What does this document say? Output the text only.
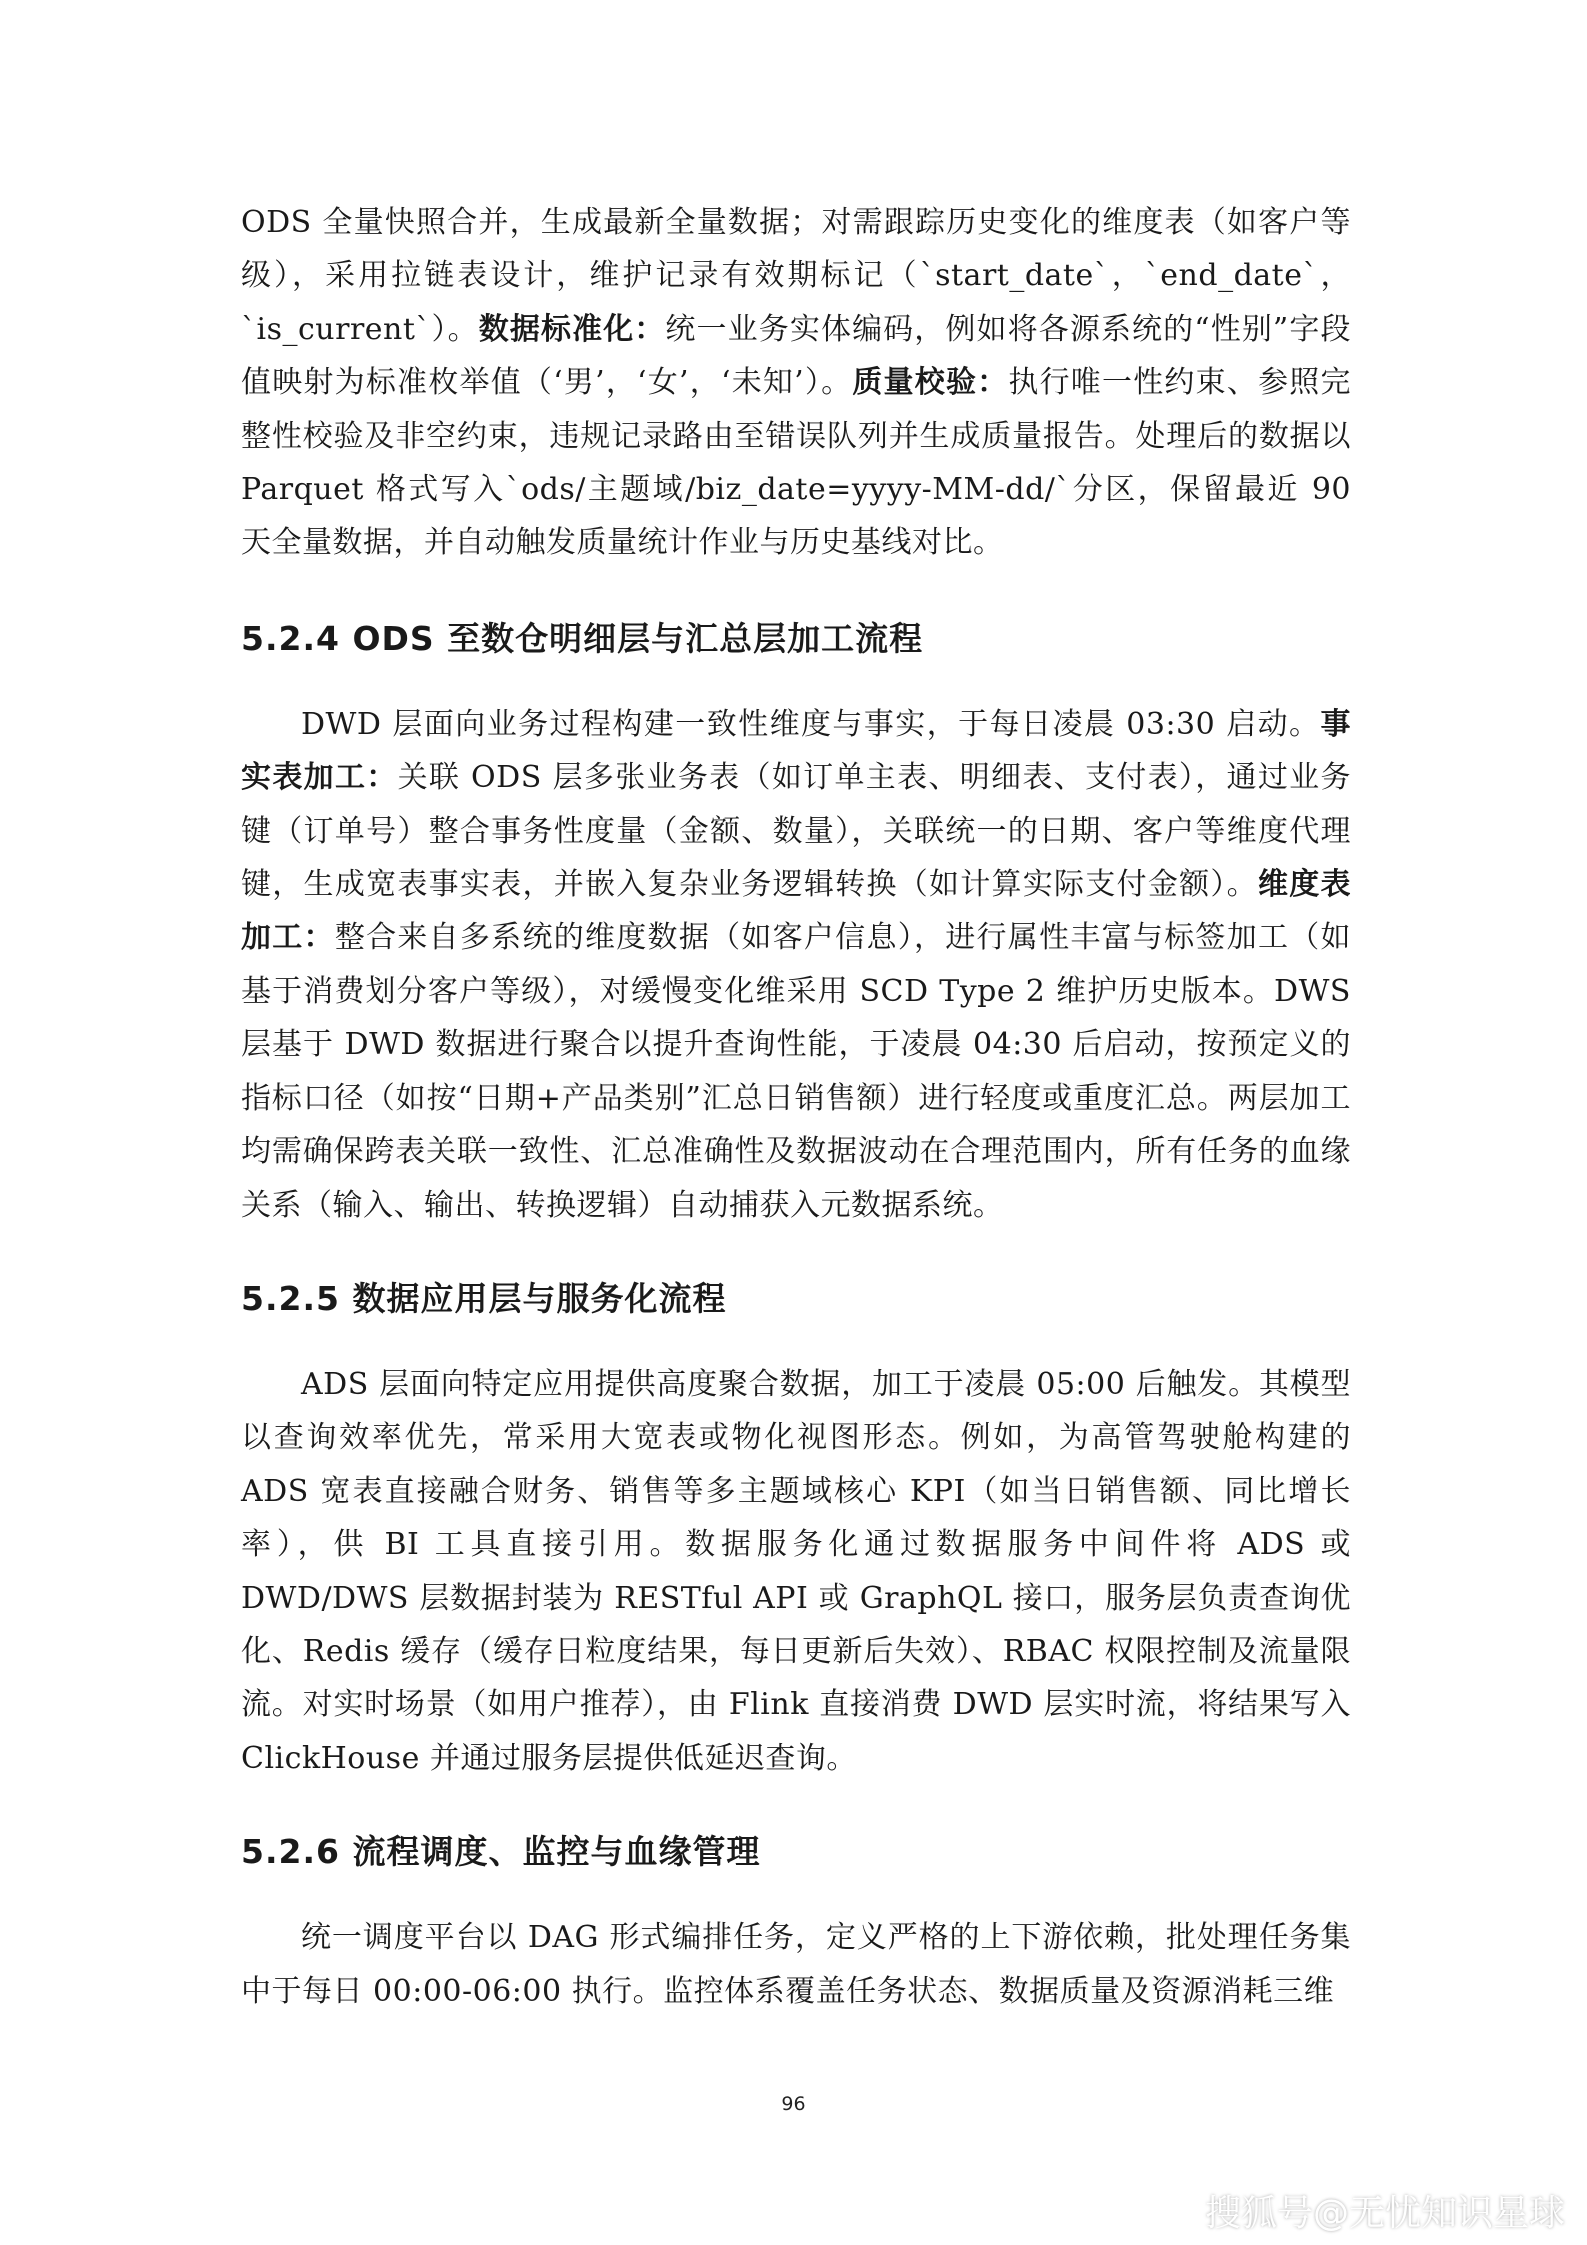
ODS 全量快照合并，生成最新全量数据；对需跟踪历史变化的维度表（如客户等级），采用拉链表设计，维护记录有效期标记（`start_date`，`end_date`，`is_current`）。数据标准化：统一业务实体编码，例如将各源系统的“性别”字段值映射为标准枚举值（‘男’，‘女’，‘未知’）。质量校验：执行唯一性约束、参照完整性校验及非空约束，违规记录路由至错误队列并生成质量报告。处理后的数据以 Parquet 格式写入`ods/主题域/biz_date=yyyy-MM-dd/`分区，保留最近 90 天全量数据，并自动触发质量统计作业与历史基线对比。

5.2.4 ODS 至数仓明细层与汇总层加工流程

DWD 层面向业务过程构建一致性维度与事实，于每日凌晨 03:30 启动。事实表加工：关联 ODS 层多张业务表（如订单主表、明细表、支付表），通过业务键（订单号）整合事务性度量（金额、数量），关联统一的日期、客户等维度代理键，生成宽表事实表，并嵌入复杂业务逻辑转换（如计算实际支付金额）。维度表加工：整合来自多系统的维度数据（如客户信息），进行属性丰富与标签加工（如基于消费划分客户等级），对缓慢变化维采用 SCD Type 2 维护历史版本。DWS 层基于 DWD 数据进行聚合以提升查询性能，于凌晨 04:30 后启动，按预定义的指标口径（如按“日期+产品类别”汇总日销售额）进行轻度或重度汇总。两层加工均需确保跨表关联一致性、汇总准确性及数据波动在合理范围内，所有任务的血缘关系（输入、输出、转换逻辑）自动捕获入元数据系统。

5.2.5 数据应用层与服务化流程

ADS 层面向特定应用提供高度聚合数据，加工于凌晨 05:00 后触发。其模型以查询效率优先，常采用大宽表或物化视图形态。例如，为高管驾驶舱构建的 ADS 宽表直接融合财务、销售等多主题域核心 KPI（如当日销售额、同比增长率），供 BI 工具直接引用。数据服务化通过数据服务中间件将 ADS 或 DWD/DWS 层数据封装为 RESTful API 或 GraphQL 接口，服务层负责查询优化、Redis 缓存（缓存日粒度结果，每日更新后失效）、RBAC 权限控制及流量限流。对实时场景（如用户推荐），由 Flink 直接消费 DWD 层实时流，将结果写入 ClickHouse 并通过服务层提供低延迟查询。

5.2.6 流程调度、监控与血缘管理

统一调度平台以 DAG 形式编排任务，定义严格的上下游依赖，批处理任务集中于每日 00:00-06:00 执行。监控体系覆盖任务状态、数据质量及资源消耗三维

96
搜狐号@无忧知识星球
